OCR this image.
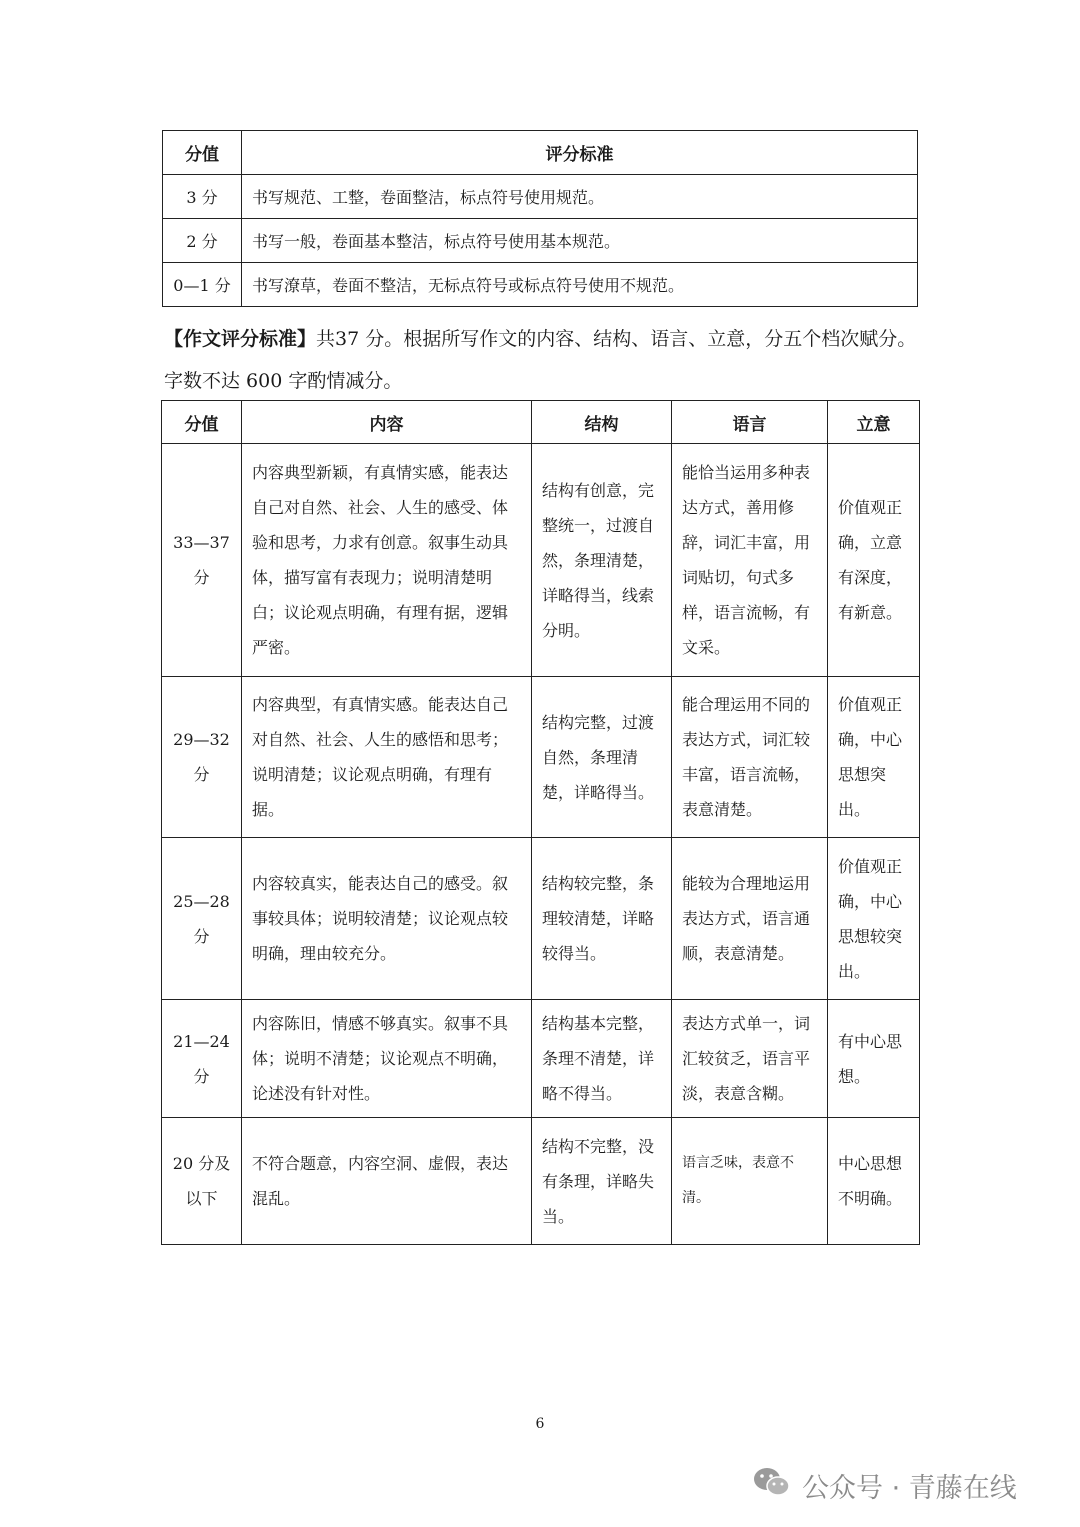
分值	评分标准
3 分	书写规范、工整，卷面整洁，标点符号使用规范。
2 分	书写一般，卷面基本整洁，标点符号使用基本规范。
0—1 分	书写潦草，卷面不整洁，无标点符号或标点符号使用不规范。

【作文评分标准】共37 分。根据所写作文的内容、结构、语言、立意，分五个档次赋分。字数不达 600 字酌情减分。

分值	内容	结构	语言	立意
33—37 分	内容典型新颖，有真情实感，能表达自己对自然、社会、人生的感受、体验和思考，力求有创意。叙事生动具体，描写富有表现力；说明清楚明白；议论观点明确，有理有据，逻辑严密。	结构有创意，完整统一，过渡自然，条理清楚，详略得当，线索分明。	能恰当运用多种表达方式，善用修辞，词汇丰富，用词贴切，句式多样，语言流畅，有文采。	价值观正确，立意有深度，有新意。
29—32 分	内容典型，有真情实感。能表达自己对自然、社会、人生的感悟和思考；说明清楚；议论观点明确，有理有据。	结构完整，过渡自然，条理清楚，详略得当。	能合理运用不同的表达方式，词汇较丰富，语言流畅，表意清楚。	价值观正确，中心思想突出。
25—28 分	内容较真实，能表达自己的感受。叙事较具体；说明较清楚；议论观点较明确，理由较充分。	结构较完整，条理较清楚，详略较得当。	能较为合理地运用表达方式，语言通顺，表意清楚。	价值观正确，中心思想较突出。
21—24 分	内容陈旧，情感不够真实。叙事不具体；说明不清楚；议论观点不明确，论述没有针对性。	结构基本完整，条理不清楚，详略不得当。	表达方式单一，词汇较贫乏，语言平淡，表意含糊。	有中心思想。
20 分及以下	不符合题意，内容空洞、虚假，表达混乱。	结构不完整，没有条理，详略失当。	语言乏味，表意不清。	中心思想不明确。
6
公众号 · 青藤在线
